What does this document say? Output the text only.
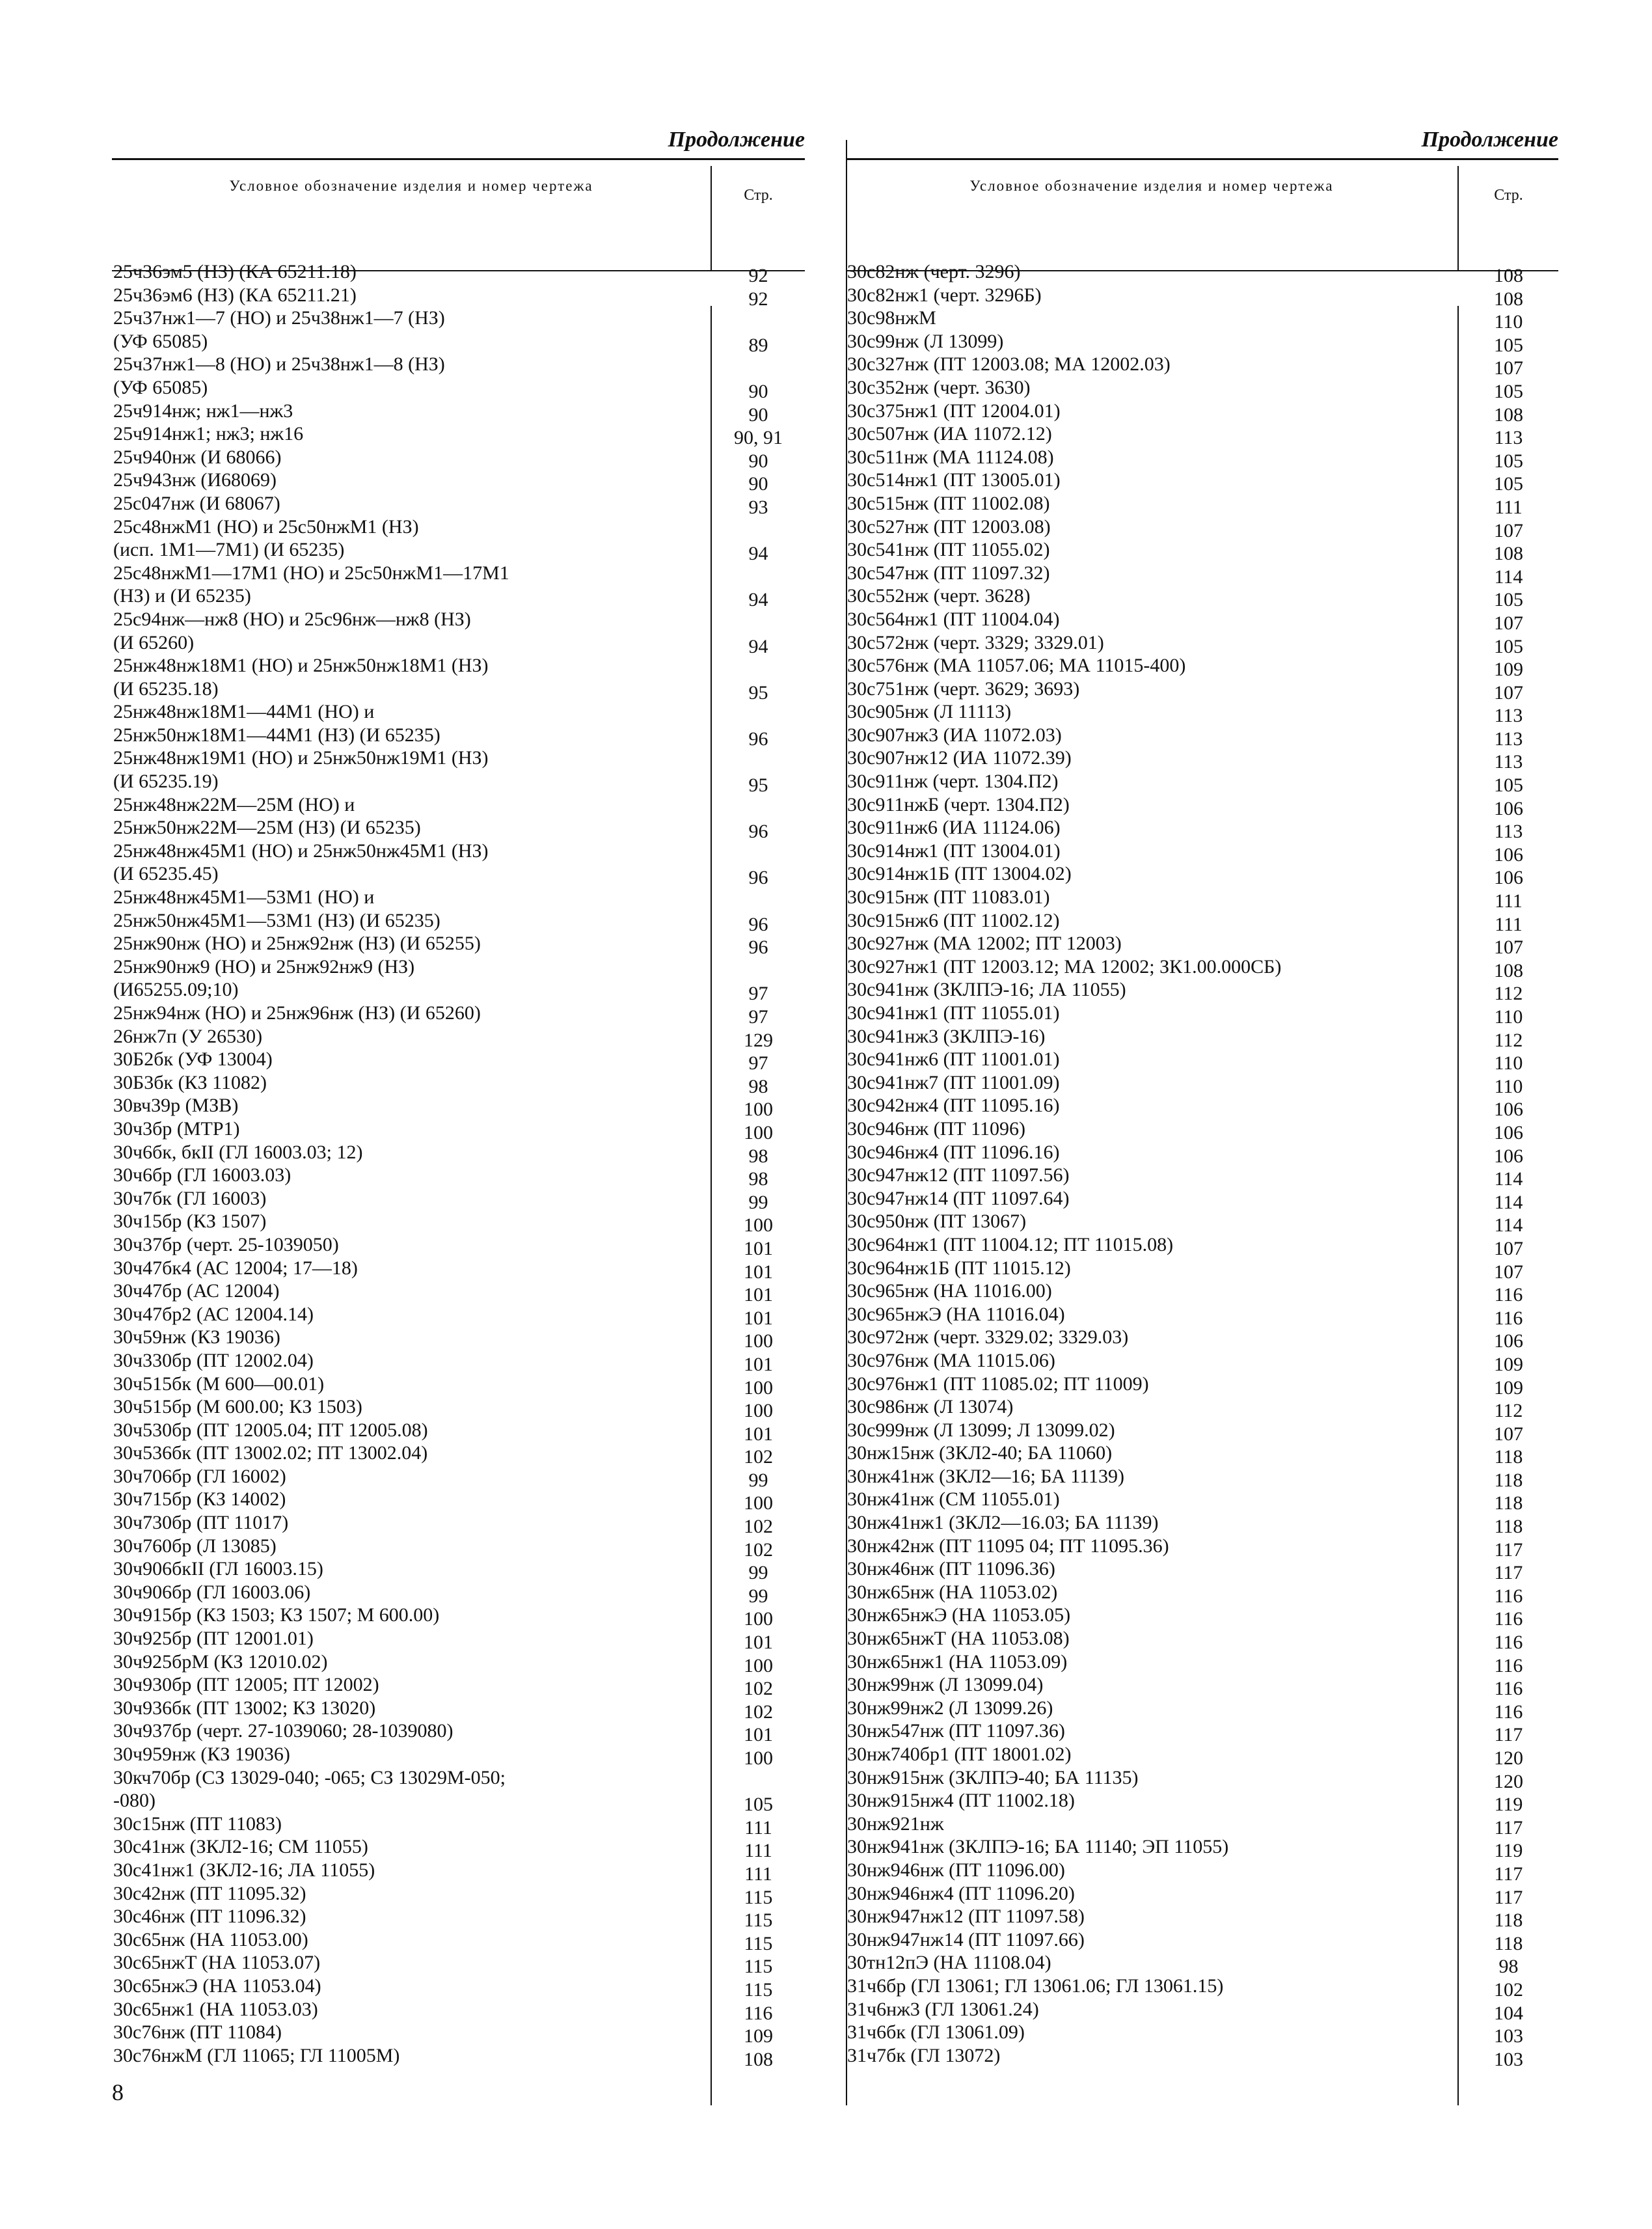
Продолжение
Условное обозначение изделия и номер чертежа
Стр.
25ч36эм5 (НЗ) (КА 65211.18)	92
25ч36эм6 (НЗ) (КА 65211.21)	92
25ч37нж1—7 (НО) и 25ч38нж1—7 (НЗ)
(УФ 65085)	89
25ч37нж1—8 (НО) и 25ч38нж1—8 (НЗ)
(УФ 65085)	90
25ч914нж; нж1—нж3	90
25ч914нж1; нж3; нж16	90, 91
25ч940нж (И 68066)	90
25ч943нж (И68069)	90
25с047нж (И 68067)	93
25с48нжМ1 (НО) и 25с50нжМ1 (НЗ)
(исп. 1М1—7М1) (И 65235)	94
25с48нжМ1—17М1 (НО) и 25с50нжМ1—17М1
(НЗ) и (И 65235)	94
25с94нж—нж8 (НО) и 25с96нж—нж8 (НЗ)
(И 65260)	94
25нж48нж18М1 (НО) и 25нж50нж18М1 (НЗ)
(И 65235.18)	95
25нж48нж18М1—44М1 (НО) и
25нж50нж18М1—44М1 (НЗ) (И 65235)	96
25нж48нж19М1 (НО) и 25нж50нж19М1 (НЗ)
(И 65235.19)	95
25нж48нж22М—25М (НО) и
25нж50нж22М—25М (НЗ) (И 65235)	96
25нж48нж45М1 (НО) и 25нж50нж45М1 (НЗ)
(И 65235.45)	96
25нж48нж45М1—53М1 (НО) и
25нж50нж45М1—53М1 (НЗ) (И 65235)	96
25нж90нж (НО) и 25нж92нж (НЗ) (И 65255)	96
25нж90нж9 (НО) и 25нж92нж9 (НЗ)
(И65255.09;10)	97
25нж94нж (НО) и 25нж96нж (НЗ) (И 65260)	97
26нж7п (У 26530)	129
30Б2бк (УФ 13004)	97
30Б3бк (КЗ 11082)	98
30вч39р (МЗВ)	100
30ч3бр (МТР1)	100
30ч6бк, бкII (ГЛ 16003.03; 12)	98
30ч6бр (ГЛ 16003.03)	98
30ч7бк (ГЛ 16003)	99
30ч15бр (КЗ 1507)	100
30ч37бр (черт. 25-1039050)	101
30ч47бк4 (АС 12004; 17—18)	101
30ч47бр (АС 12004)	101
30ч47бр2 (АС 12004.14)	101
30ч59нж (КЗ 19036)	100
30ч330бр (ПТ 12002.04)	101
30ч515бк (М 600—00.01)	100
30ч515бр (М 600.00; КЗ 1503)	100
30ч530бр (ПТ 12005.04; ПТ 12005.08)	101
30ч536бк (ПТ 13002.02; ПТ 13002.04)	102
30ч706бр (ГЛ 16002)	99
30ч715бр (КЗ 14002)	100
30ч730бр (ПТ 11017)	102
30ч760бр (Л 13085)	102
30ч906бкII (ГЛ 16003.15)	99
30ч906бр (ГЛ 16003.06)	99
30ч915бр (КЗ 1503; КЗ 1507; М 600.00)	100
30ч925бр (ПТ 12001.01)	101
30ч925брМ (КЗ 12010.02)	100
30ч930бр (ПТ 12005; ПТ 12002)	102
30ч936бк (ПТ 13002; КЗ 13020)	102
30ч937бр (черт. 27-1039060; 28-1039080)	101
30ч959нж (КЗ 19036)	100
30кч70бр (СЗ 13029-040; -065; СЗ 13029М-050;
-080)	105
30с15нж (ПТ 11083)	111
30с41нж (ЗКЛ2-16; СМ 11055)	111
30с41нж1 (ЗКЛ2-16; ЛА 11055)	111
30с42нж (ПТ 11095.32)	115
30с46нж (ПТ 11096.32)	115
30с65нж (НА 11053.00)	115
30с65нжТ (НА 11053.07)	115
30с65нжЭ (НА 11053.04)	115
30с65нж1 (НА 11053.03)	116
30с76нж (ПТ 11084)	109
30с76нжМ (ГЛ 11065; ГЛ 11005М)	108
Продолжение
Условное обозначение изделия и номер чертежа
Стр.
30с82нж (черт. 3296)	108
30с82нж1 (черт. 3296Б)	108
30с98нжМ	110
30с99нж (Л 13099)	105
30с327нж (ПТ 12003.08; МА 12002.03)	107
30с352нж (черт. 3630)	105
30с375нж1 (ПТ 12004.01)	108
30с507нж (ИА 11072.12)	113
30с511нж (МА 11124.08)	105
30с514нж1 (ПТ 13005.01)	105
30с515нж (ПТ 11002.08)	111
30с527нж (ПТ 12003.08)	107
30с541нж (ПТ 11055.02)	108
30с547нж (ПТ 11097.32)	114
30с552нж (черт. 3628)	105
30с564нж1 (ПТ 11004.04)	107
30с572нж (черт. 3329; 3329.01)	105
30с576нж (МА 11057.06; МА 11015-400)	109
30с751нж (черт. 3629; 3693)	107
30с905нж (Л 11113)	113
30с907нж3 (ИА 11072.03)	113
30с907нж12 (ИА 11072.39)	113
30с911нж (черт. 1304.П2)	105
30с911нжБ (черт. 1304.П2)	106
30с911нж6 (ИА 11124.06)	113
30с914нж1 (ПТ 13004.01)	106
30с914нж1Б (ПТ 13004.02)	106
30с915нж (ПТ 11083.01)	111
30с915нж6 (ПТ 11002.12)	111
30с927нж (МА 12002; ПТ 12003)	107
30с927нж1 (ПТ 12003.12; МА 12002; ЗК1.00.000СБ)	108
30с941нж (ЗКЛПЭ-16; ЛА 11055)	112
30с941нж1 (ПТ 11055.01)	110
30с941нж3 (ЗКЛПЭ-16)	112
30с941нж6 (ПТ 11001.01)	110
30с941нж7 (ПТ 11001.09)	110
30с942нж4 (ПТ 11095.16)	106
30с946нж (ПТ 11096)	106
30с946нж4 (ПТ 11096.16)	106
30с947нж12 (ПТ 11097.56)	114
30с947нж14 (ПТ 11097.64)	114
30с950нж (ПТ 13067)	114
30с964нж1 (ПТ 11004.12; ПТ 11015.08)	107
30с964нж1Б (ПТ 11015.12)	107
30с965нж (НА 11016.00)	116
30с965нжЭ (НА 11016.04)	116
30с972нж (черт. 3329.02; 3329.03)	106
30с976нж (МА 11015.06)	109
30с976нж1 (ПТ 11085.02; ПТ 11009)	109
30с986нж (Л 13074)	112
30с999нж (Л 13099; Л 13099.02)	107
30нж15нж (ЗКЛ2-40; БА 11060)	118
30нж41нж (ЗКЛ2—16; БА 11139)	118
30нж41нж (СМ 11055.01)	118
30нж41нж1 (ЗКЛ2—16.03; БА 11139)	118
30нж42нж (ПТ 11095 04; ПТ 11095.36)	117
30нж46нж (ПТ 11096.36)	117
30нж65нж (НА 11053.02)	116
30нж65нжЭ (НА 11053.05)	116
30нж65нжТ (НА 11053.08)	116
30нж65нж1 (НА 11053.09)	116
30нж99нж (Л 13099.04)	116
30нж99нж2 (Л 13099.26)	116
30нж547нж (ПТ 11097.36)	117
30нж740бр1 (ПТ 18001.02)	120
30нж915нж (ЗКЛПЭ-40; БА 11135)	120
30нж915нж4 (ПТ 11002.18)	119
30нж921нж	117
30нж941нж (ЗКЛПЭ-16; БА 11140; ЭП 11055)	119
30нж946нж (ПТ 11096.00)	117
30нж946нж4 (ПТ 11096.20)	117
30нж947нж12 (ПТ 11097.58)	118
30нж947нж14 (ПТ 11097.66)	118
30тн12пЭ (НА 11108.04)	98
31ч6бр (ГЛ 13061; ГЛ 13061.06; ГЛ 13061.15)	102
31ч6нж3 (ГЛ 13061.24)	104
31ч6бк (ГЛ 13061.09)	103
31ч7бк (ГЛ 13072)	103
8
